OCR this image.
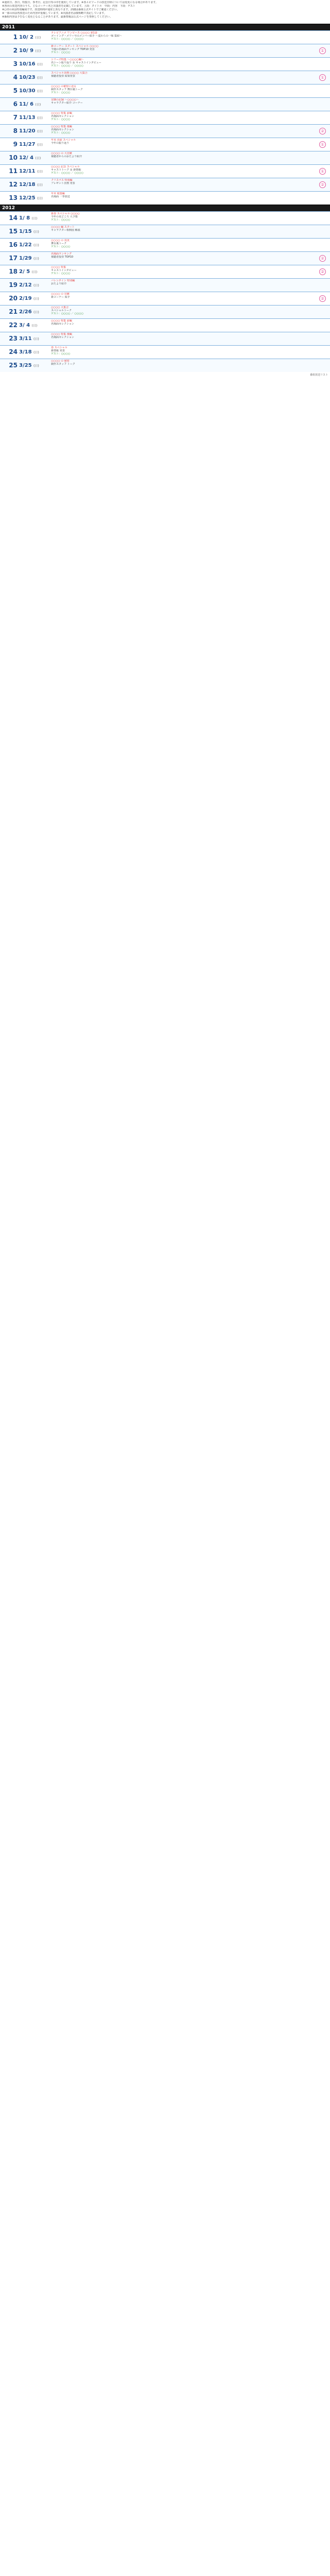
※通常日、各日、特集日、参考日、記念日等の印を使用しています。※各エピソードの放送日時については変更になる場合があります。
※各回の放送内容のうち、主なコーナー名と出演者を記載しています。上段：タイトル　中段：内容　下段：ゲスト
※○印の回は特別編成です。放送時間が通常と異なります。詳細は番組公式サイトでご確認ください。
※一部の回は再放送のため内容が重複しています。※出演者名は敬称略で表記しています。
※番組内容は予告なく変更となることがあります。最新情報は公式ページを参照してください。
2011
1 10/ 2 (日)
テレビアニメ ワンピース ○○○○ 第1話
ゴーイング・メリー号のメンバー紹介 ～麦わらの一味 集結～
ゲスト：○○○○ ／ ○○○○
2 10/ 9 (日)
新コーナー スタート スペシャル ○○○○
今週の名場面ランキング TOP10 発表
ゲスト：○○○○	①
3 10/16 (日)
シリーズ特集 ～○○○○編～
名シーン振り返り ＆ キャストインタビュー
ゲスト：○○○○ ／ ○○○○
4 10/23 (日)
スペシャル企画 ○○○○ 大集合
視聴者投票 結果発表	①
5 10/30 (日)
○○○○ の秘密に迫る
制作スタッフ 舞台裏トーク
ゲスト：○○○○
6 11/ 6 (日)
冒険の記録 ～○○○○～
キャラクター紹介 コーナー
7 11/13 (日)
○○○○ 特集 前編
名場面セレクション
ゲスト：○○○○
8 11/20 (日)
○○○○ 特集 後編
名場面セレクション
ゲスト：○○○○	②
9 11/27 (日)
年末 直前 スペシャル
今年の振り返り	①
10 12/ 4 (日)
○○○○ の 大冒険
視聴者からのおたより紹介
11 12/11 (日)
○○○○ 記念 スペシャル
キャストトーク ＆ 新情報
ゲスト：○○○○ ／ ○○○○	①
12 12/18 (日)
クリスマス 特別編
プレゼント企画 発表	②
13 12/25 (日)
年末 総集編
名場面 一挙放送
2012
14 1/ 8 (日)
新春 スペシャル ○○○○
今年の見どころ 大予想
ゲスト：○○○○
15 1/15 (日)
○○○○ 編 スタート
キャラクター相関図 解説
16 1/22 (日)
○○○○ の 真実
舞台裏トーク
ゲスト：○○○○
17 1/29 (日)
名場面ランキング
視聴者投票 TOP10	②
18 2/ 5 (日)
○○○○ 特集
キャストインタビュー
ゲスト：○○○○	②
19 2/12 (日)
バレンタイン 特別編
おたより紹介
20 2/19 (日)
○○○○ の 冒険
新コーナー 紹介	②
21 2/26 (日)
○○○○ 大集合
スペシャルトーク
ゲスト：○○○○ ／ ○○○○
22 3/ 4 (日)
○○○○ 特集 前編
名場面セレクション
23 3/11 (日)
○○○○ 特集 後編
名場面セレクション
24 3/18 (日)
春 スペシャル
新情報 発表
ゲスト：○○○○
25 3/25 (日)
○○○○ の 秘密
制作スタッフ トーク
番組放送リスト
